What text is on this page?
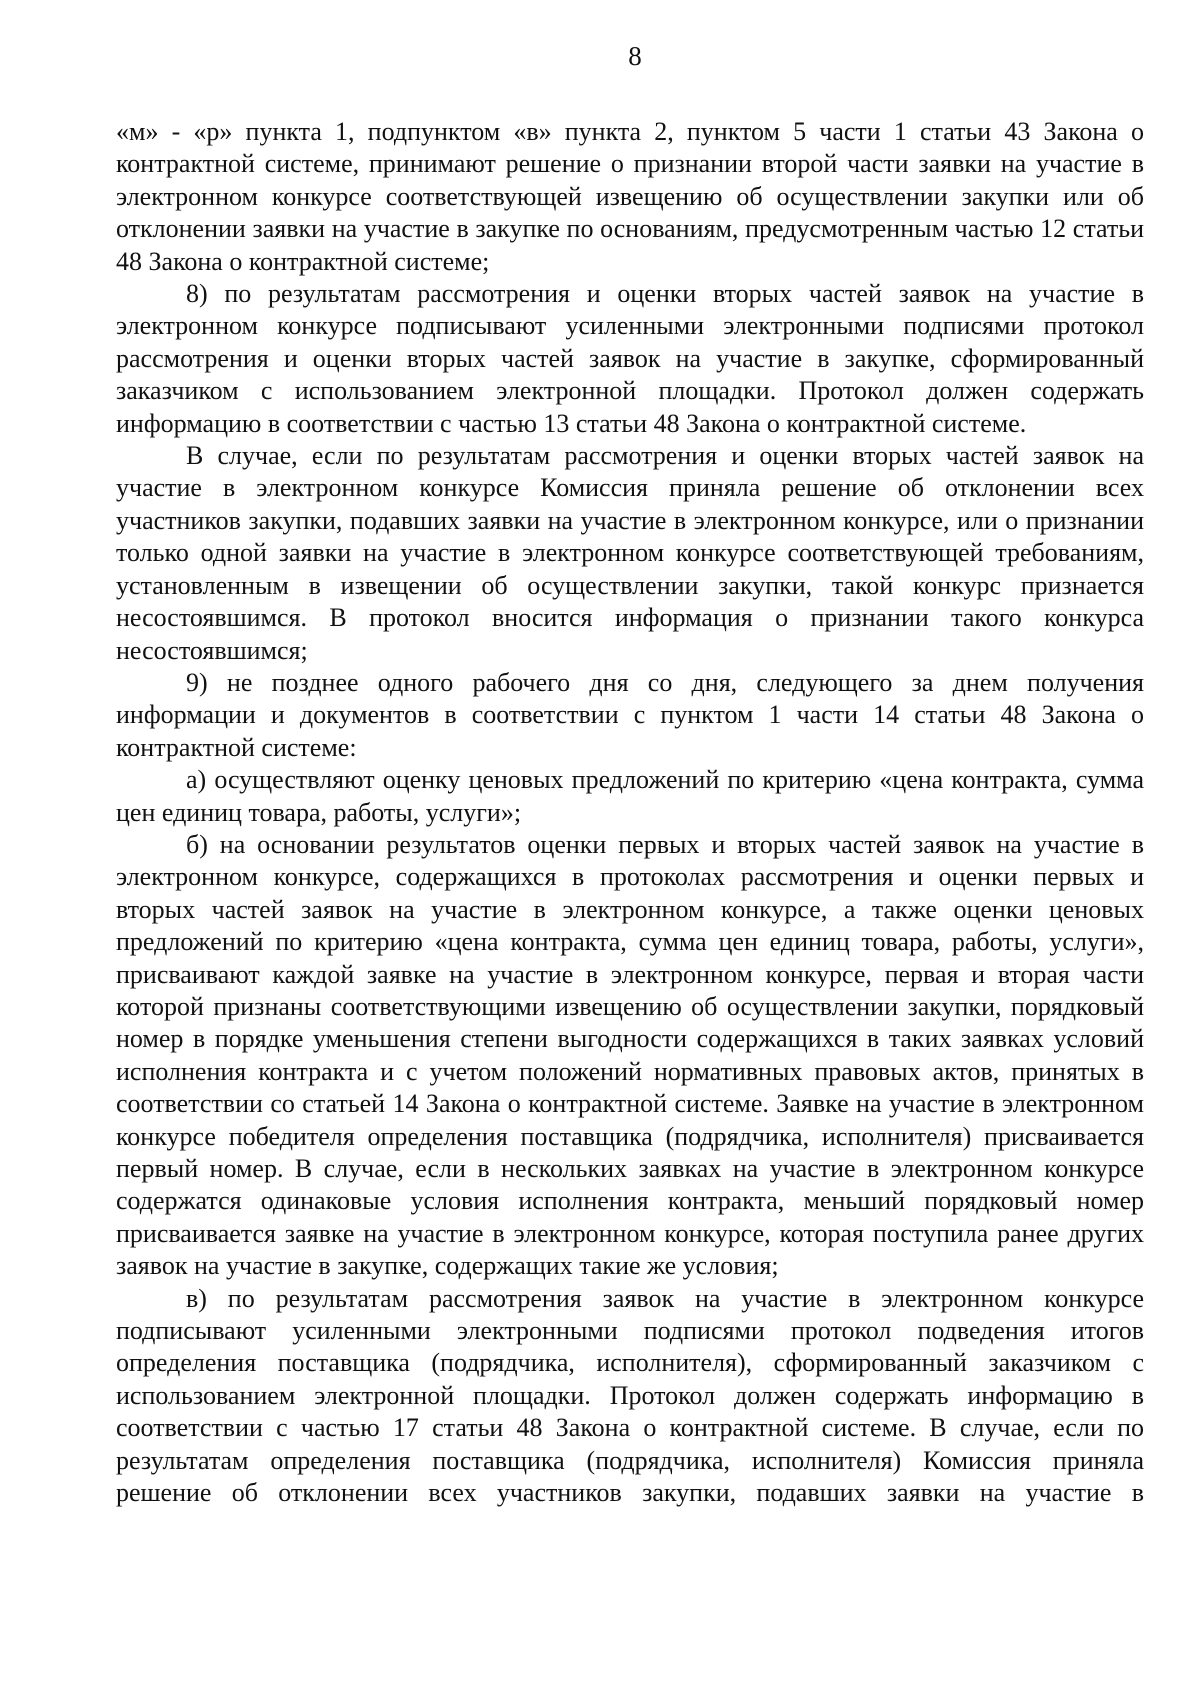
8

«м» - «р» пункта 1, подпунктом «в» пункта 2, пунктом 5 части 1 статьи 43 Закона о контрактной системе, принимают решение о признании второй части заявки на участие в электронном конкурсе соответствующей извещению об осуществлении закупки или об отклонении заявки на участие в закупке по основаниям, предусмотренным частью 12 статьи 48 Закона о контрактной системе;

8) по результатам рассмотрения и оценки вторых частей заявок на участие в электронном конкурсе подписывают усиленными электронными подписями протокол рассмотрения и оценки вторых частей заявок на участие в закупке, сформированный заказчиком с использованием электронной площадки. Протокол должен содержать информацию в соответствии с частью 13 статьи 48 Закона о контрактной системе.

В случае, если по результатам рассмотрения и оценки вторых частей заявок на участие в электронном конкурсе Комиссия приняла решение об отклонении всех участников закупки, подавших заявки на участие в электронном конкурсе, или о признании только одной заявки на участие в электронном конкурсе соответствующей требованиям, установленным в извещении об осуществлении закупки, такой конкурс признается несостоявшимся. В протокол вносится информация о признании такого конкурса несостоявшимся;

9) не позднее одного рабочего дня со дня, следующего за днем получения информации и документов в соответствии с пунктом 1 части 14 статьи 48 Закона о контрактной системе:

а) осуществляют оценку ценовых предложений по критерию «цена контракта, сумма цен единиц товара, работы, услуги»;

б) на основании результатов оценки первых и вторых частей заявок на участие в электронном конкурсе, содержащихся в протоколах рассмотрения и оценки первых и вторых частей заявок на участие в электронном конкурсе, а также оценки ценовых предложений по критерию «цена контракта, сумма цен единиц товара, работы, услуги», присваивают каждой заявке на участие в электронном конкурсе, первая и вторая части которой признаны соответствующими извещению об осуществлении закупки, порядковый номер в порядке уменьшения степени выгодности содержащихся в таких заявках условий исполнения контракта и с учетом положений нормативных правовых актов, принятых в соответствии со статьей 14 Закона о контрактной системе. Заявке на участие в электронном конкурсе победителя определения поставщика (подрядчика, исполнителя) присваивается первый номер. В случае, если в нескольких заявках на участие в электронном конкурсе содержатся одинаковые условия исполнения контракта, меньший порядковый номер присваивается заявке на участие в электронном конкурсе, которая поступила ранее других заявок на участие в закупке, содержащих такие же условия;

в) по результатам рассмотрения заявок на участие в электронном конкурсе подписывают усиленными электронными подписями протокол подведения итогов определения поставщика (подрядчика, исполнителя), сформированный заказчиком с использованием электронной площадки. Протокол должен содержать информацию в соответствии с частью 17 статьи 48 Закона о контрактной системе. В случае, если по результатам определения поставщика (подрядчика, исполнителя) Комиссия приняла решение об отклонении всех участников закупки, подавших заявки на участие в
